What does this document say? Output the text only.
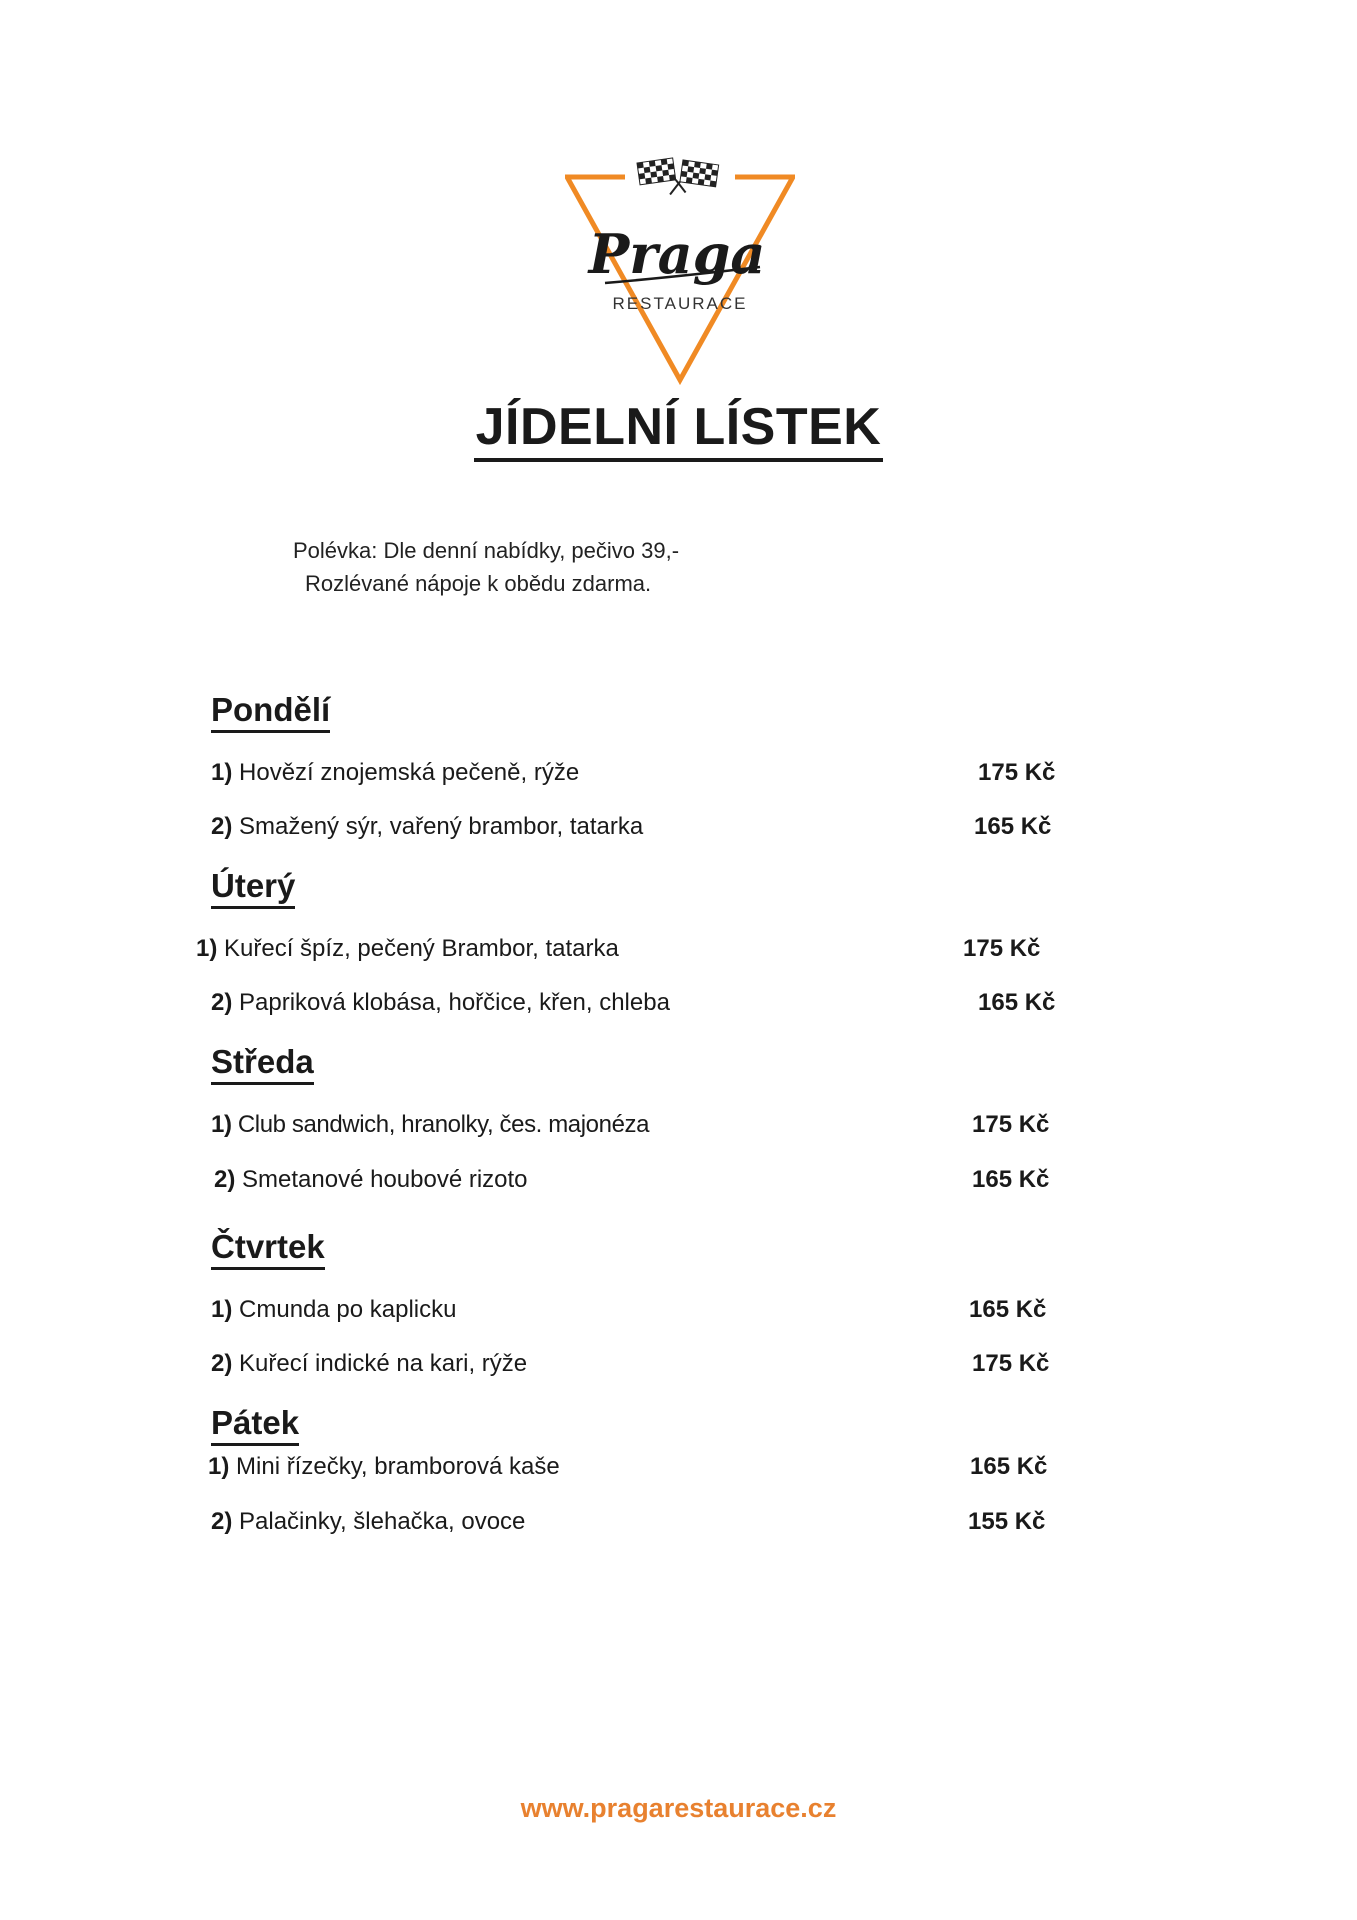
Praga
RESTAURACE
JÍDELNÍ LÍSTEK
Polévka: Dle denní nabídky, pečivo 39,-
Rozlévané nápoje k obědu zdarma.
Pondělí
1) Hovězí znojemská pečeně, rýže	175 Kč
2) Smažený sýr, vařený brambor, tatarka	165 Kč
Úterý
1) Kuřecí špíz, pečený Brambor, tatarka	175 Kč
2) Papriková klobása, hořčice, křen, chleba	165 Kč
Středa
1) Club sandwich, hranolky, čes. majonéza	175 Kč
2) Smetanové houbové rizoto	165 Kč
Čtvrtek
1) Cmunda po kaplicku	165 Kč
2) Kuřecí indické na kari, rýže	175 Kč
Pátek
1) Mini řízečky, bramborová kaše	165 Kč
2) Palačinky, šlehačka, ovoce	155 Kč
www.pragarestaurace.cz
